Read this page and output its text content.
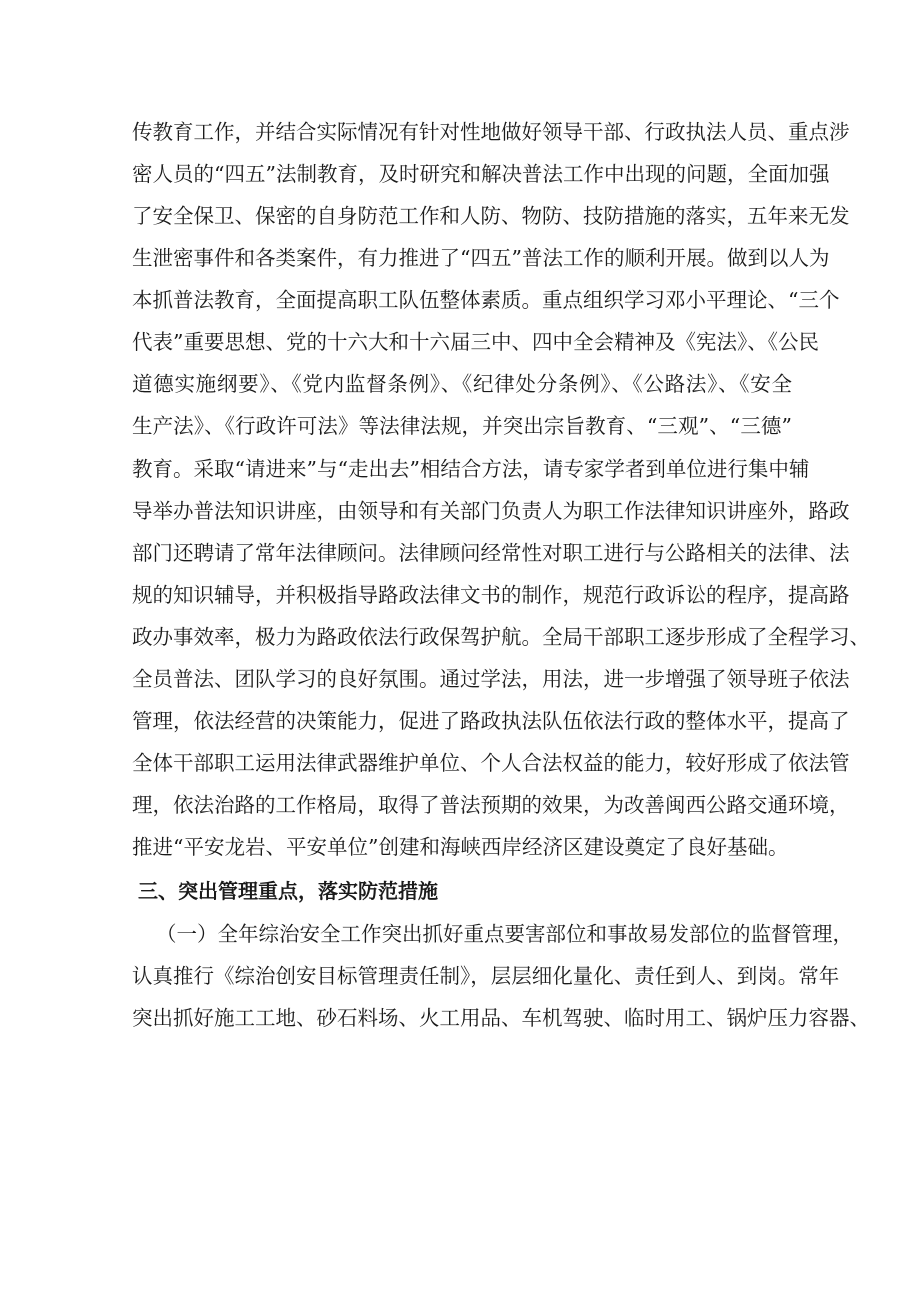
传教育工作，并结合实际情况有针对性地做好领导干部、行政执法人员、重点涉
密人员的“四五”法制教育，及时研究和解决普法工作中出现的问题，全面加强
了安全保卫、保密的自身防范工作和人防、物防、技防措施的落实，五年来无发
生泄密事件和各类案件，有力推进了“四五”普法工作的顺利开展。做到以人为
本抓普法教育，全面提高职工队伍整体素质。重点组织学习邓小平理论、“三个
代表”重要思想、党的十六大和十六届三中、四中全会精神及《宪法》、《公民
道德实施纲要》、《党内监督条例》、《纪律处分条例》、《公路法》、《安全
生产法》、《行政许可法》等法律法规，并突出宗旨教育、“三观”、“三德”
教育。采取“请进来”与“走出去”相结合方法，请专家学者到单位进行集中辅
导举办普法知识讲座，由领导和有关部门负责人为职工作法律知识讲座外，路政
部门还聘请了常年法律顾问。法律顾问经常性对职工进行与公路相关的法律、法
规的知识辅导，并积极指导路政法律文书的制作，规范行政诉讼的程序，提高路
政办事效率，极力为路政依法行政保驾护航。全局干部职工逐步形成了全程学习、
全员普法、团队学习的良好氛围。通过学法，用法，进一步增强了领导班子依法
管理，依法经营的决策能力，促进了路政执法队伍依法行政的整体水平，提高了
全体干部职工运用法律武器维护单位、个人合法权益的能力，较好形成了依法管
理，依法治路的工作格局，取得了普法预期的效果，为改善闽西公路交通环境，
推进“平安龙岩、平安单位”创建和海峡西岸经济区建设奠定了良好基础。
三、突出管理重点，落实防范措施
（一）全年综治安全工作突出抓好重点要害部位和事故易发部位的监督管理，
认真推行《综治创安目标管理责任制》，层层细化量化、责任到人、到岗。常年
突出抓好施工工地、砂石料场、火工用品、车机驾驶、临时用工、锅炉压力容器、
